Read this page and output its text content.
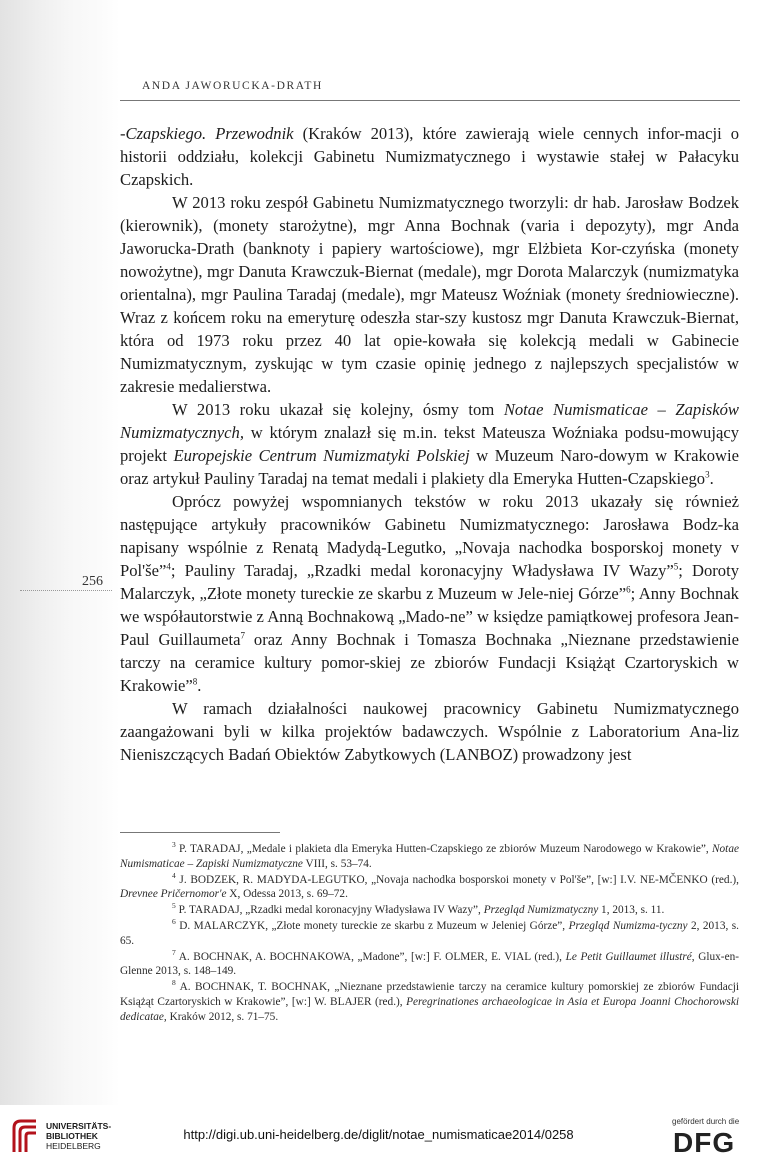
ANDA JAWORUCKA-DRATH

-Czapskiego. Przewodnik (Kraków 2013), które zawierają wiele cennych infor-macji o historii oddziału, kolekcji Gabinetu Numizmatycznego i wystawie stałej w Pałacyku Czapskich.

W 2013 roku zespół Gabinetu Numizmatycznego tworzyli: dr hab. Jarosław Bodzek (kierownik), (monety starożytne), mgr Anna Bochnak (varia i depozyty), mgr Anda Jaworucka-Drath (banknoty i papiery wartościowe), mgr Elżbieta Kor-czyńska (monety nowożytne), mgr Danuta Krawczuk-Biernat (medale), mgr Dorota Malarczyk (numizmatyka orientalna), mgr Paulina Taradaj (medale), mgr Mateusz Woźniak (monety średniowieczne). Wraz z końcem roku na emeryturę odeszła star-szy kustosz mgr Danuta Krawczuk-Biernat, która od 1973 roku przez 40 lat opie-kowała się kolekcją medali w Gabinecie Numizmatycznym, zyskując w tym czasie opinię jednego z najlepszych specjalistów w zakresie medalierstwa.

W 2013 roku ukazał się kolejny, ósmy tom Notae Numismaticae – Zapisków Numizmatycznych, w którym znalazł się m.in. tekst Mateusza Woźniaka podsu-mowujący projekt Europejskie Centrum Numizmatyki Polskiej w Muzeum Naro-dowym w Krakowie oraz artykuł Pauliny Taradaj na temat medali i plakiety dla Emeryka Hutten-Czapskiego$^3$.

Oprócz powyżej wspomnianych tekstów w roku 2013 ukazały się również następujące artykuły pracowników Gabinetu Numizmatycznego: Jarosława Bodz-ka napisany wspólnie z Renatą Madydą-Legutko, „Novaja nachodka bosporskoj monety v Pol'še”$^4$; Pauliny Taradaj, „Rzadki medal koronacyjny Władysława IV Wazy”$^5$; Doroty Malarczyk, „Złote monety tureckie ze skarbu z Muzeum w Jele-niej Górze”$^6$; Anny Bochnak we współautorstwie z Anną Bochnakową „Mado-ne” w księdze pamiątkowej profesora Jean-Paul Guillaumeta$^7$ oraz Anny Bochnak i Tomasza Bochnaka „Nieznane przedstawienie tarczy na ceramice kultury pomor-skiej ze zbiorów Fundacji Książąt Czartoryskich w Krakowie”$^8$.

W ramach działalności naukowej pracownicy Gabinetu Numizmatycznego zaangażowani byli w kilka projektów badawczych. Wspólnie z Laboratorium Ana-liz Nieniszczących Badań Obiektów Zabytkowych (LANBOZ) prowadzony jest

256

$^3$ P. TARADAJ, „Medale i plakieta dla Emeryka Hutten-Czapskiego ze zbiorów Muzeum Narodowego w Krakowie”, Notae Numismaticae – Zapiski Numizmatyczne VIII, s. 53–74.

$^4$ J. BODZEK, R. MADYDA-LEGUTKO, „Novaja nachodka bosporskoi monety v Pol'še”, [w:] I.V. NE-MČENKO (red.), Drevnee Pričernomor'e X, Odessa 2013, s. 69–72.

$^5$ P. TARADAJ, „Rzadki medal koronacyjny Władysława IV Wazy”, Przegląd Numizmatyczny 1, 2013, s. 11.

$^6$ D. MALARCZYK, „Złote monety tureckie ze skarbu z Muzeum w Jeleniej Górze”, Przegląd Numizma-tyczny 2, 2013, s. 65.

$^7$ A. BOCHNAK, A. BOCHNAKOWA, „Madone”, [w:] F. OLMER, E. VIAL (red.), Le Petit Guillaumet illustré, Glux-en-Glenne 2013, s. 148–149.

$^8$ A. BOCHNAK, T. BOCHNAK, „Nieznane przedstawienie tarczy na ceramice kultury pomorskiej ze zbiorów Fundacji Książąt Czartoryskich w Krakowie”, [w:] W. BLAJER (red.), Peregrinationes archaeologicae in Asia et Europa Joanni Chochorowski dedicatae, Kraków 2012, s. 71–75.

UNIVERSITÄTS-
BIBLIOTHEK
HEIDELBERG
http://digi.ub.uni-heidelberg.de/diglit/notae_numismaticae2014/0258
gefördert durch die
DFG
